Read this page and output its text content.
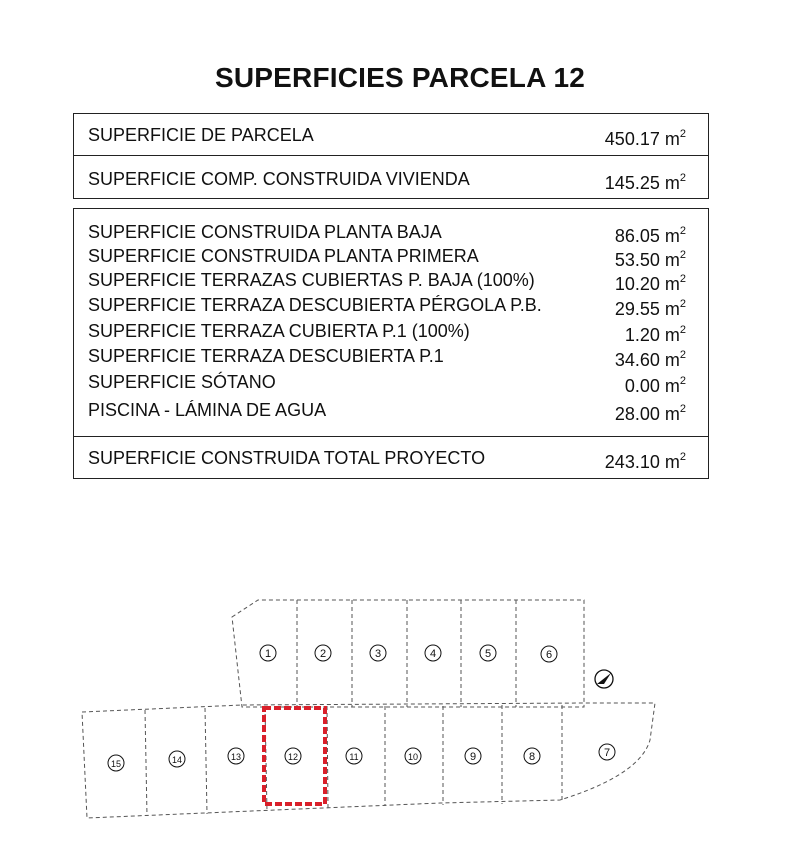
SUPERFICIES PARCELA 12
SUPERFICIE DE PARCELA	450.17 $m^2$
SUPERFICIE COMP. CONSTRUIDA VIVIENDA	145.25 $m^2$
SUPERFICIE CONSTRUIDA PLANTA BAJA	86.05 $m^2$
SUPERFICIE CONSTRUIDA PLANTA PRIMERA	53.50 $m^2$
SUPERFICIE TERRAZAS CUBIERTAS P. BAJA (100%)	10.20 $m^2$
SUPERFICIE TERRAZA DESCUBIERTA PÉRGOLA P.B.	29.55 $m^2$
SUPERFICIE TERRAZA CUBIERTA P.1 (100%)	1.20 $m^2$
SUPERFICIE TERRAZA DESCUBIERTA P.1	34.60 $m^2$
SUPERFICIE SÓTANO	0.00 $m^2$
PISCINA - LÁMINA DE AGUA	28.00 $m^2$
SUPERFICIE CONSTRUIDA TOTAL PROYECTO	243.10 $m^2$
1	2	3	4	5	6
7
8
9
10
11
12
13
14
15
